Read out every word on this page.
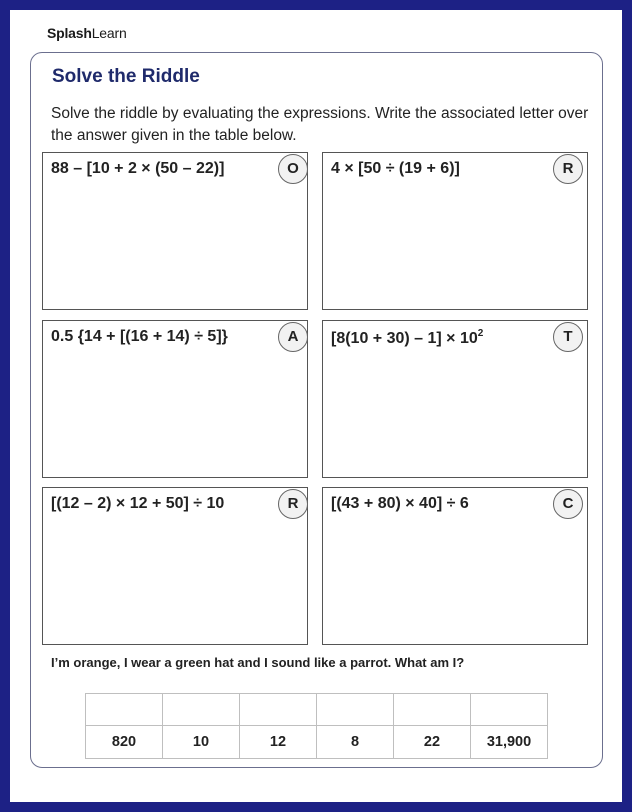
SplashLearn
Solve the Riddle
Solve the riddle by evaluating the expressions. Write the associated letter over the answer given in the table below.
88 – [10 + 2 × (50 – 22)]	O	4 × [50 ÷ (19 + 6)]	R
0.5 {14 + [(16 + 14) ÷ 5]}	A	$[8(10 + 30) - 1] \times 10^2$	T
[(12 – 2) × 12 + 50] ÷ 10	R	[(43 + 80) × 40] ÷ 6	C
I’m orange, I wear a green hat and I sound like a parrot. What am I?

820	10	12	8	22	31,900
